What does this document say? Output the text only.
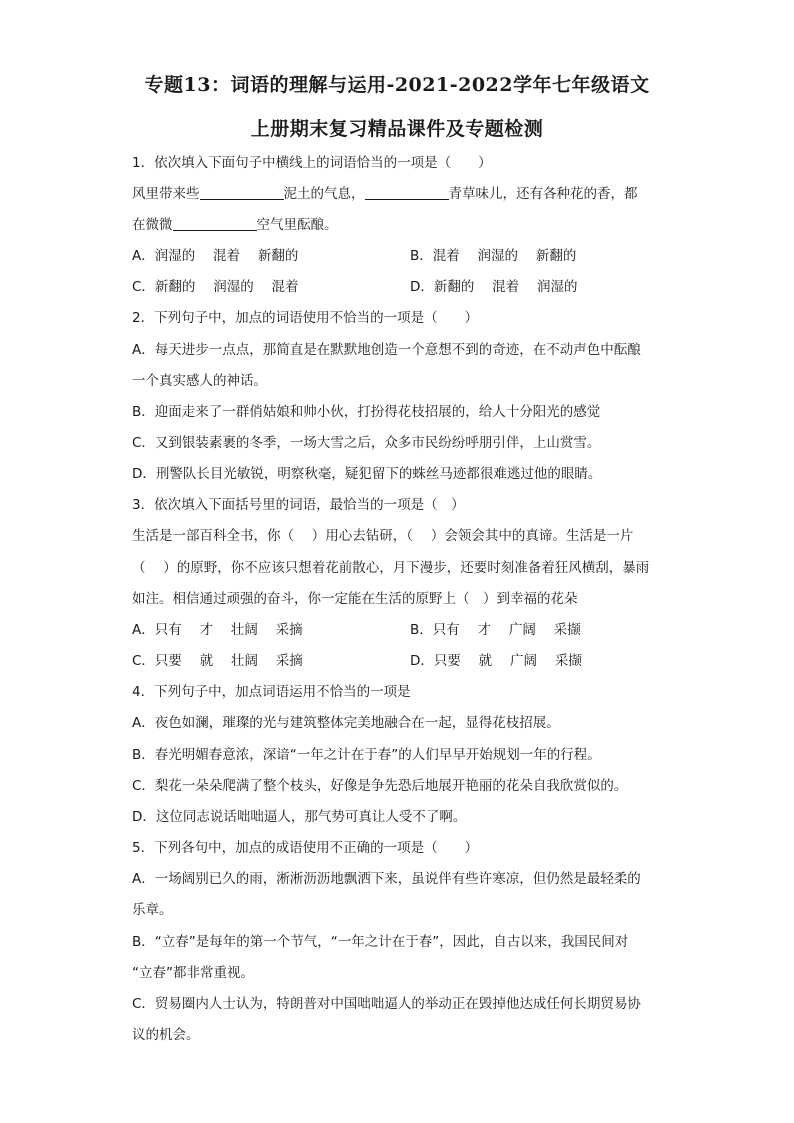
专题13：词语的理解与运用-2021-2022学年七年级语文
上册期末复习精品课件及专题检测
1．依次填入下面句子中横线上的词语恰当的一项是（　　）
风里带来些	泥土的气息，	青草味儿，还有各种花的香，都
在微微	空气里酝酿。
A．润湿的　 混着　 新翻的	B．混着　 润湿的　 新翻的
C．新翻的　 润湿的　 混着	D．新翻的　 混着　 润湿的
2．下列句子中，加点的词语使用不恰当的一项是（　　）
A．每天进步一点点，那简直是在默默地创造一个意想不到的奇迹，在不动声色中酝酿
一个真实感人的神话。
B．迎面走来了一群俏姑娘和帅小伙，打扮得花枝招展的，给人十分阳光的感觉
C．又到银装素裹的冬季，一场大雪之后，众多市民纷纷呼朋引伴，上山赏雪。
D．刑警队长目光敏锐，明察秋毫，疑犯留下的蛛丝马迹都很难逃过他的眼睛。
3．依次填入下面括号里的词语，最恰当的一项是（　）
生活是一部百科全书，你（　 ）用心去钻研，（　 ）会领会其中的真谛。生活是一片
（　 ）的原野，你不应该只想着花前散心，月下漫步，还要时刻准备着狂风横刮，暴雨
如注。相信通过顽强的奋斗，你一定能在生活的原野上（　）到幸福的花朵
A．只有　 才　 壮阔　 采摘	B．只有　 才　 广阔　 采撷
C．只要　 就　 壮阔　 采摘	D．只要　 就　 广阔　 采撷
4．下列句子中，加点词语运用不恰当的一项是
A．夜色如澜，璀璨的光与建筑整体完美地融合在一起，显得花枝招展。
B．春光明媚春意浓，深谙“一年之计在于春”的人们早早开始规划一年的行程。
C．梨花一朵朵爬满了整个枝头，好像是争先恐后地展开艳丽的花朵自我欣赏似的。
D．这位同志说话咄咄逼人，那气势可真让人受不了啊。
5．下列各句中，加点的成语使用不正确的一项是（　　）
A．一场阔别已久的雨，淅淅沥沥地飘洒下来，虽说伴有些许寒凉，但仍然是最轻柔的
乐章。
B．“立春”是每年的第一个节气，“一年之计在于春”，因此，自古以来，我国民间对
“立春”都非常重视。
C．贸易圈内人士认为，特朗普对中国咄咄逼人的举动正在毁掉他达成任何长期贸易协
议的机会。
